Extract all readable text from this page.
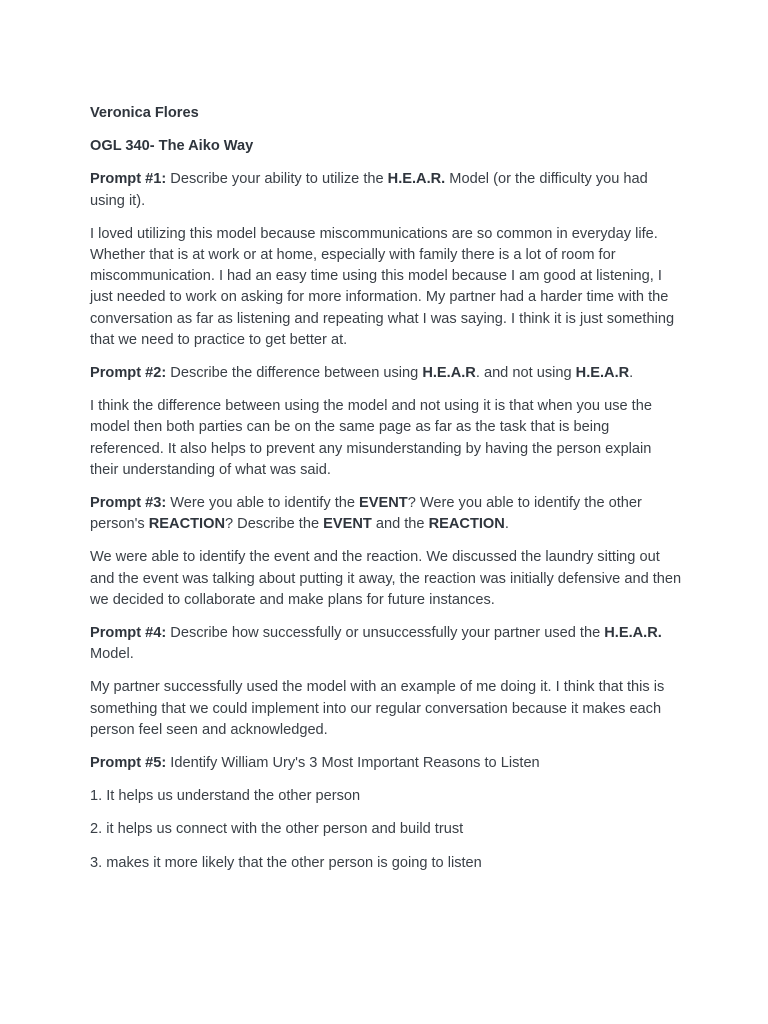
Veronica Flores

OGL 340- The Aiko Way

Prompt #1: Describe your ability to utilize the H.E.A.R. Model (or the difficulty you had using it).

I loved utilizing this model because miscommunications are so common in everyday life. Whether that is at work or at home, especially with family there is a lot of room for miscommunication. I had an easy time using this model because I am good at listening, I just needed to work on asking for more information. My partner had a harder time with the conversation as far as listening and repeating what I was saying. I think it is just something that we need to practice to get better at.

Prompt #2: Describe the difference between using H.E.A.R. and not using H.E.A.R.

I think the difference between using the model and not using it is that when you use the model then both parties can be on the same page as far as the task that is being referenced. It also helps to prevent any misunderstanding by having the person explain their understanding of what was said.

Prompt #3: Were you able to identify the EVENT? Were you able to identify the other person's REACTION? Describe the EVENT and the REACTION.

We were able to identify the event and the reaction. We discussed the laundry sitting out and the event was talking about putting it away, the reaction was initially defensive and then we decided to collaborate and make plans for future instances.

Prompt #4: Describe how successfully or unsuccessfully your partner used the H.E.A.R. Model.

My partner successfully used the model with an example of me doing it. I think that this is something that we could implement into our regular conversation because it makes each person feel seen and acknowledged.

Prompt #5: Identify William Ury's 3 Most Important Reasons to Listen

1. It helps us understand the other person

2. it helps us connect with the other person and build trust

3. makes it more likely that the other person is going to listen
